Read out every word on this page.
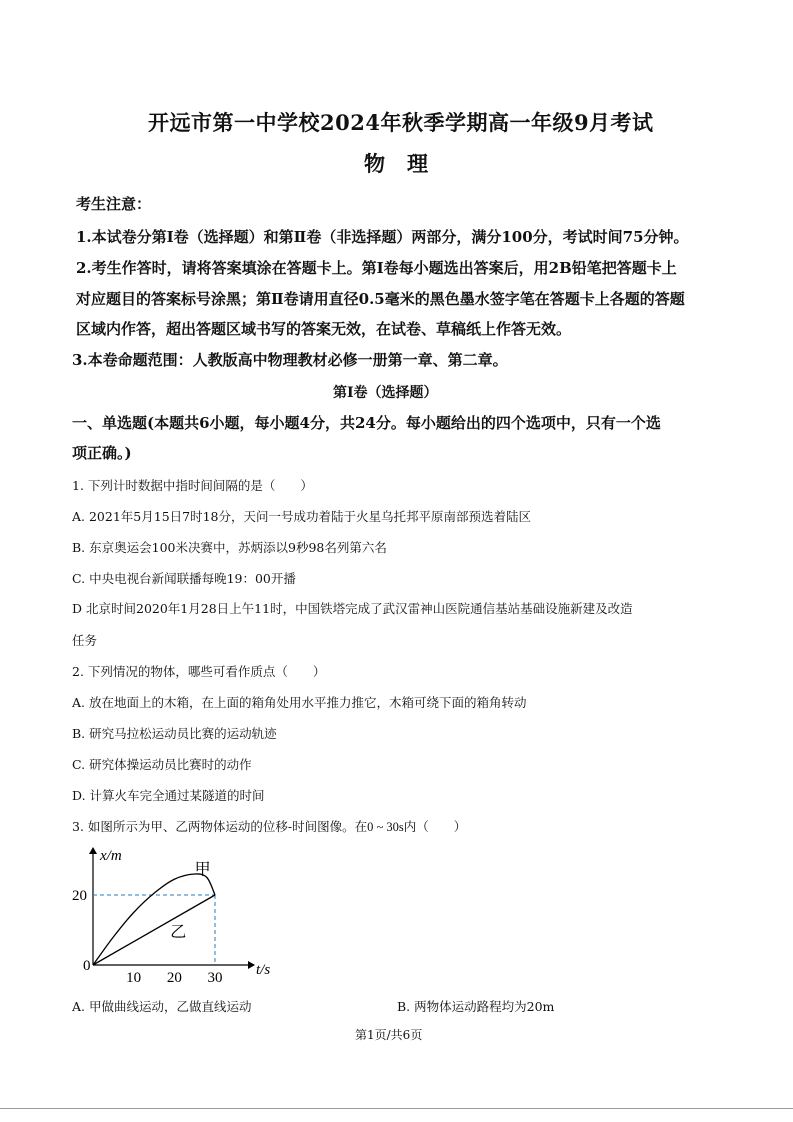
开远市第一中学校2024年秋季学期高一年级9月考试
物　理
考生注意：
1.本试卷分第Ⅰ卷（选择题）和第Ⅱ卷（非选择题）两部分，满分100分，考试时间75分钟。
2.考生作答时，请将答案填涂在答题卡上。第Ⅰ卷每小题选出答案后，用2B铅笔把答题卡上
对应题目的答案标号涂黑；第Ⅱ卷请用直径0.5毫米的黑色墨水签字笔在答题卡上各题的答题
区域内作答，超出答题区域书写的答案无效，在试卷、草稿纸上作答无效。
3.本卷命题范围：人教版高中物理教材必修一册第一章、第二章。
第Ⅰ卷（选择题）
一、单选题(本题共6小题，每小题4分，共24分。每小题给出的四个选项中，只有一个选
项正确。)
1. 下列计时数据中指时间间隔的是（　　）
A. 2021年5月15日7时18分，天问一号成功着陆于火星乌托邦平原南部预选着陆区
B. 东京奥运会100米决赛中，苏炳添以9秒98名列第六名
C. 中央电视台新闻联播每晚19：00开播
D 北京时间2020年1月28日上午11时，中国铁塔完成了武汉雷神山医院通信基站基础设施新建及改造
任务
2. 下列情况的物体，哪些可看作质点（　　）
A. 放在地面上的木箱，在上面的箱角处用水平推力推它，木箱可绕下面的箱角转动
B. 研究马拉松运动员比赛的运动轨迹
C. 研究体操运动员比赛时的动作
D. 计算火车完全通过某隧道的时间
3. 如图所示为甲、乙两物体运动的位移-时间图像。在0 ~ 30s内（　　）
x/m
t/s
0
20
10 20 30
甲
乙
A. 甲做曲线运动，乙做直线运动	B. 两物体运动路程均为20m
第1页/共6页
